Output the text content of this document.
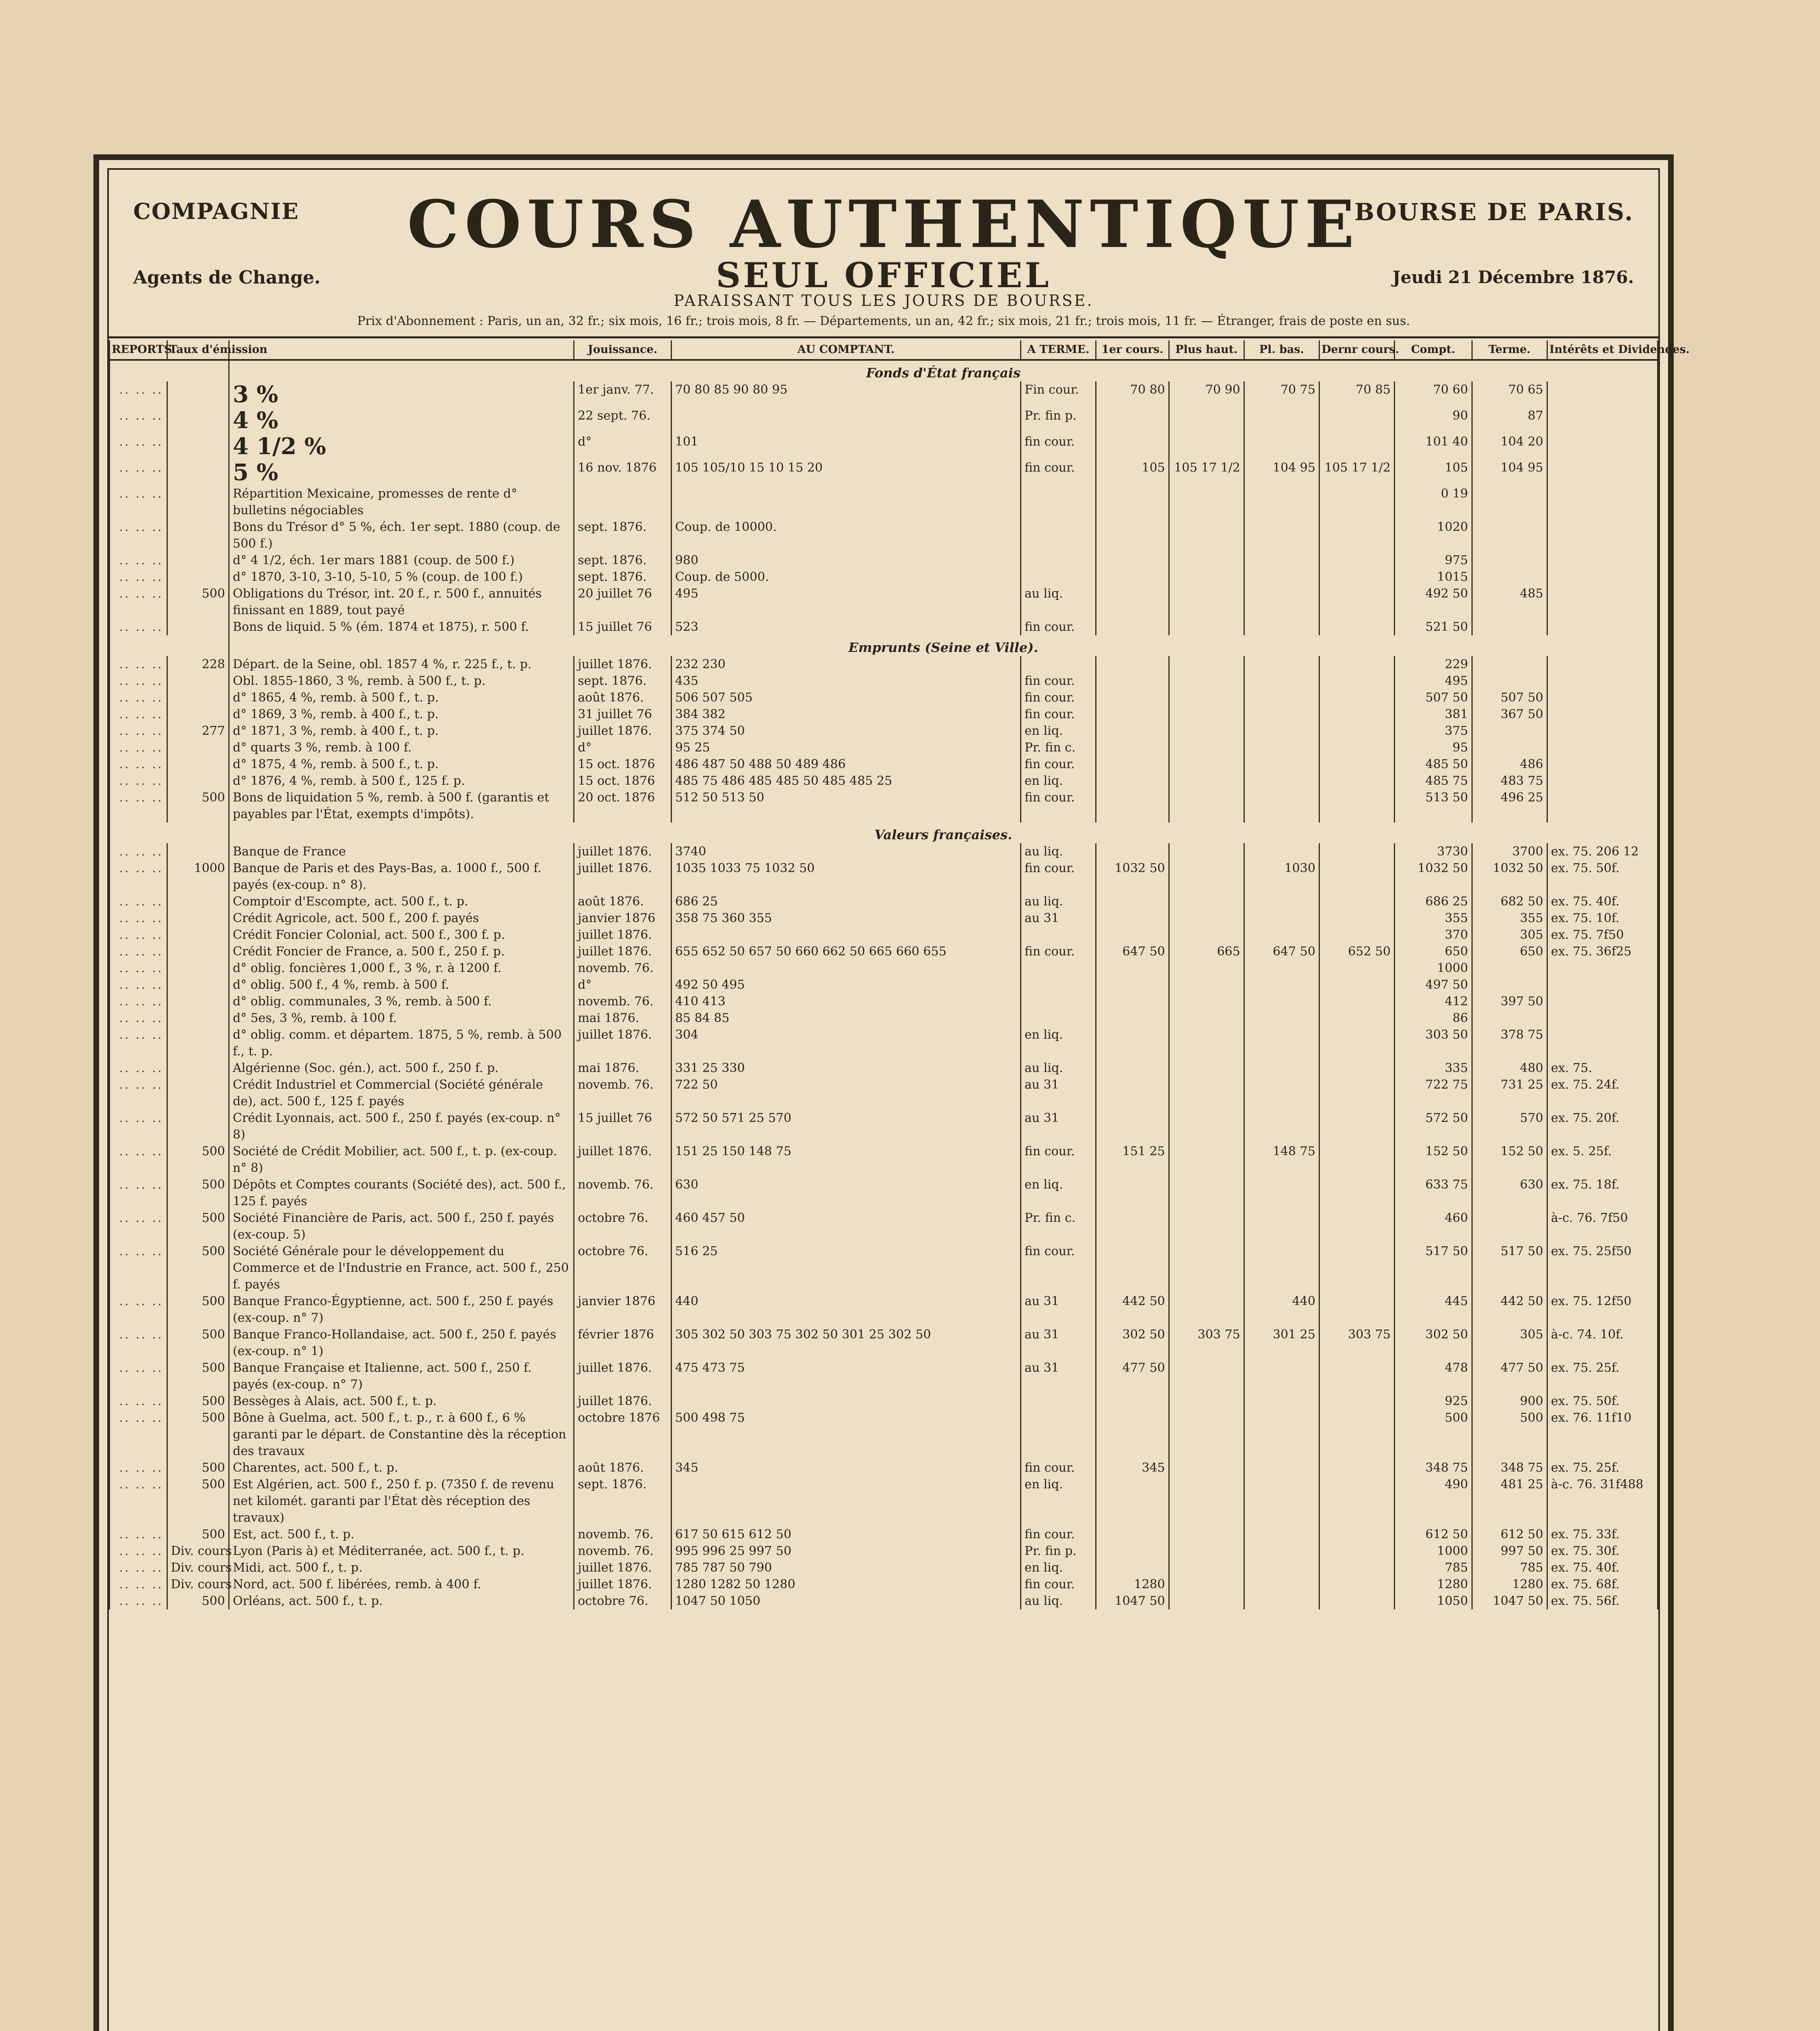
COMPAGNIE
Agents de Change.
COURS AUTHENTIQUE
SEUL OFFICIEL
PARAISSANT TOUS LES JOURS DE BOURSE.
BOURSE DE PARIS.
Jeudi 21 Décembre 1876.
Prix d'Abonnement : Paris, un an, 32 fr.; six mois, 16 fr.; trois mois, 8 fr. — Départements, un an, 42 fr.; six mois, 21 fr.; trois mois, 11 fr. — Étranger, frais de poste en sus.
REPORTS.	Taux d'émission		Jouissance.	AU COMPTANT.	A TERME.	1er cours.	Plus haut.	Pl. bas.	Dernr cours.	Compt.	Terme.	Intérêts et Dividendes.
		Fonds d'État français										
.. .. ..		3 %	1er janv. 77.	70 80 85 90 80 95	Fin cour.	70 80	70 90	70 75	70 85	70 60	70 65	
.. .. ..		4 %	22 sept. 76.		Pr. fin p.					90	87	
.. .. ..		4 1/2 %	d°	101	fin cour.					101 40	104 20	
.. .. ..		5 %	16 nov. 1876	105 105/10 15 10 15 20	fin cour.	105	105 17 1/2	104 95	105 17 1/2	105	104 95	
.. .. ..		Répartition Mexicaine, promesses de rente d° bulletins négociables								0 19		
.. .. ..		Bons du Trésor d° 5 %, éch. 1er sept. 1880 (coup. de 500 f.)	sept. 1876.	Coup. de 10000.						1020		
.. .. ..		d° 4 1/2, éch. 1er mars 1881 (coup. de 500 f.)	sept. 1876.	980						975		
.. .. ..		d° 1870, 3-10, 3-10, 5-10, 5 % (coup. de 100 f.)	sept. 1876.	Coup. de 5000.						1015		
.. .. ..	500	Obligations du Trésor, int. 20 f., r. 500 f., annuités finissant en 1889, tout payé	20 juillet 76	495	au liq.					492 50	485	
.. .. ..		Bons de liquid. 5 % (ém. 1874 et 1875), r. 500 f.	15 juillet 76	523	fin cour.					521 50		
		Emprunts (Seine et Ville).										
.. .. ..	228	Départ. de la Seine, obl. 1857 4 %, r. 225 f., t. p.	juillet 1876.	232 230						229		
.. .. ..		Obl. 1855-1860, 3 %, remb. à 500 f., t. p.	sept. 1876.	435	fin cour.					495		
.. .. ..		d° 1865, 4 %, remb. à 500 f., t. p.	août 1876.	506 507 505	fin cour.					507 50	507 50	
.. .. ..		d° 1869, 3 %, remb. à 400 f., t. p.	31 juillet 76	384 382	fin cour.					381	367 50	
.. .. ..	277	d° 1871, 3 %, remb. à 400 f., t. p.	juillet 1876.	375 374 50	en liq.					375		
.. .. ..		d° quarts 3 %, remb. à 100 f.	d°	95 25	Pr. fin c.					95		
.. .. ..		d° 1875, 4 %, remb. à 500 f., t. p.	15 oct. 1876	486 487 50 488 50 489 486	fin cour.					485 50	486	
.. .. ..		d° 1876, 4 %, remb. à 500 f., 125 f. p.	15 oct. 1876	485 75 486 485 485 50 485 485 25	en liq.					485 75	483 75	
.. .. ..	500	Bons de liquidation 5 %, remb. à 500 f. (garantis et payables par l'État, exempts d'impôts).	20 oct. 1876	512 50 513 50	fin cour.					513 50	496 25	
		Valeurs françaises.										
.. .. ..		Banque de France	juillet 1876.	3740	au liq.					3730	3700	ex. 75. 206 12
.. .. ..	1000	Banque de Paris et des Pays-Bas, a. 1000 f., 500 f. payés (ex-coup. n° 8).	juillet 1876.	1035 1033 75 1032 50	fin cour.	1032 50		1030		1032 50	1032 50	ex. 75. 50f.
.. .. ..		Comptoir d'Escompte, act. 500 f., t. p.	août 1876.	686 25	au liq.					686 25	682 50	ex. 75. 40f.
.. .. ..		Crédit Agricole, act. 500 f., 200 f. payés	janvier 1876	358 75 360 355	au 31					355	355	ex. 75. 10f.
.. .. ..		Crédit Foncier Colonial, act. 500 f., 300 f. p.	juillet 1876.							370	305	ex. 75. 7f50
.. .. ..		Crédit Foncier de France, a. 500 f., 250 f. p.	juillet 1876.	655 652 50 657 50 660 662 50 665 660 655	fin cour.	647 50	665	647 50	652 50	650	650	ex. 75. 36f25
.. .. ..		d° oblig. foncières 1,000 f., 3 %, r. à 1200 f.	novemb. 76.							1000		
.. .. ..		d° oblig. 500 f., 4 %, remb. à 500 f.	d°	492 50 495						497 50		
.. .. ..		d° oblig. communales, 3 %, remb. à 500 f.	novemb. 76.	410 413						412	397 50	
.. .. ..		d° 5es, 3 %, remb. à 100 f.	mai 1876.	85 84 85						86		
.. .. ..		d° oblig. comm. et départem. 1875, 5 %, remb. à 500 f., t. p.	juillet 1876.	304	en liq.					303 50	378 75	
.. .. ..		Algérienne (Soc. gén.), act. 500 f., 250 f. p.	mai 1876.	331 25 330	au liq.					335	480	ex. 75.
.. .. ..		Crédit Industriel et Commercial (Société générale de), act. 500 f., 125 f. payés	novemb. 76.	722 50	au 31					722 75	731 25	ex. 75. 24f.
.. .. ..		Crédit Lyonnais, act. 500 f., 250 f. payés (ex-coup. n° 8)	15 juillet 76	572 50 571 25 570	au 31					572 50	570	ex. 75. 20f.
.. .. ..	500	Société de Crédit Mobilier, act. 500 f., t. p. (ex-coup. n° 8)	juillet 1876.	151 25 150 148 75	fin cour.	151 25		148 75		152 50	152 50	ex. 5. 25f.
.. .. ..	500	Dépôts et Comptes courants (Société des), act. 500 f., 125 f. payés	novemb. 76.	630	en liq.					633 75	630	ex. 75. 18f.
.. .. ..	500	Société Financière de Paris, act. 500 f., 250 f. payés (ex-coup. 5)	octobre 76.	460 457 50	Pr. fin c.					460		à-c. 76. 7f50
.. .. ..	500	Société Générale pour le développement du Commerce et de l'Industrie en France, act. 500 f., 250 f. payés	octobre 76.	516 25	fin cour.					517 50	517 50	ex. 75. 25f50
.. .. ..	500	Banque Franco-Égyptienne, act. 500 f., 250 f. payés (ex-coup. n° 7)	janvier 1876	440	au 31	442 50		440		445	442 50	ex. 75. 12f50
.. .. ..	500	Banque Franco-Hollandaise, act. 500 f., 250 f. payés (ex-coup. n° 1)	février 1876	305 302 50 303 75 302 50 301 25 302 50	au 31	302 50	303 75	301 25	303 75	302 50	305	à-c. 74. 10f.
.. .. ..	500	Banque Française et Italienne, act. 500 f., 250 f. payés (ex-coup. n° 7)	juillet 1876.	475 473 75	au 31	477 50				478	477 50	ex. 75. 25f.
.. .. ..	500	Bessèges à Alais, act. 500 f., t. p.	juillet 1876.							925	900	ex. 75. 50f.
.. .. ..	500	Bône à Guelma, act. 500 f., t. p., r. à 600 f., 6 % garanti par le départ. de Constantine dès la réception des travaux	octobre 1876	500 498 75						500	500	ex. 76. 11f10
.. .. ..	500	Charentes, act. 500 f., t. p.	août 1876.	345	fin cour.	345				348 75	348 75	ex. 75. 25f.
.. .. ..	500	Est Algérien, act. 500 f., 250 f. p. (7350 f. de revenu net kilomét. garanti par l'État dès réception des travaux)	sept. 1876.		en liq.					490	481 25	à-c. 76. 31f488
.. .. ..	500	Est, act. 500 f., t. p.	novemb. 76.	617 50 615 612 50	fin cour.					612 50	612 50	ex. 75. 33f.
.. .. ..	Div. cours	Lyon (Paris à) et Méditerranée, act. 500 f., t. p.	novemb. 76.	995 996 25 997 50	Pr. fin p.					1000	997 50	ex. 75. 30f.
.. .. ..	Div. cours	Midi, act. 500 f., t. p.	juillet 1876.	785 787 50 790	en liq.					785	785	ex. 75. 40f.
.. .. ..	Div. cours	Nord, act. 500 f. libérées, remb. à 400 f.	juillet 1876.	1280 1282 50 1280	fin cour.	1280				1280	1280	ex. 75. 68f.
.. .. ..	500	Orléans, act. 500 f., t. p.	octobre 76.	1047 50 1050	au liq.	1047 50				1050	1047 50	ex. 75. 56f.
